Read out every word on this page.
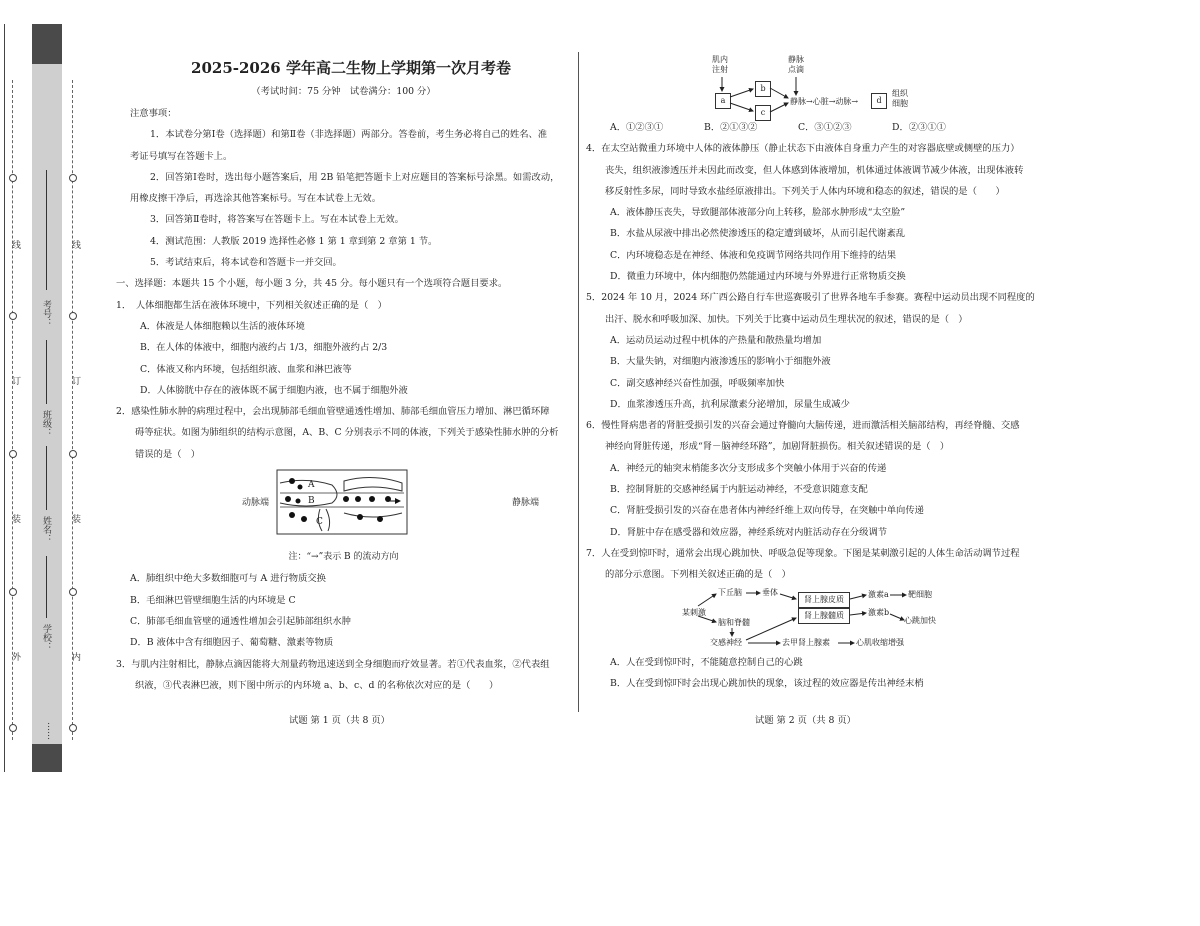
线
订
装
外
线
订
装
内
考号：
班级：
姓名：
学校：
……
2025-2026 学年高二生物上学期第一次月考卷
（考试时间：75 分钟　试卷满分：100 分）

注意事项：

1．本试卷分第Ⅰ卷（选择题）和第Ⅱ卷（非选择题）两部分。答卷前，考生务必将自己的姓名、准

考证号填写在答题卡上。

2．回答第Ⅰ卷时，选出每小题答案后，用 2B 铅笔把答题卡上对应题目的答案标号涂黑。如需改动，

用橡皮擦干净后，再选涂其他答案标号。写在本试卷上无效。

3．回答第Ⅱ卷时，将答案写在答题卡上。写在本试卷上无效。

4．测试范围：人教版 2019 选择性必修 1 第 1 章到第 2 章第 1 节。

5．考试结束后，将本试卷和答题卡一并交回。

一、选择题：本题共 15 个小题，每小题 3 分，共 45 分。每小题只有一个选项符合题目要求。

1．　人体细胞都生活在液体环境中，下列相关叙述正确的是（　）

A．体液是人体细胞赖以生活的液体环境

B．在人体的体液中，细胞内液约占 1/3，细胞外液约占 2/3

C．体液又称内环境，包括组织液、血浆和淋巴液等

D．人体膀胱中存在的液体既不属于细胞内液，也不属于细胞外液

2．感染性肺水肿的病理过程中，会出现肺部毛细血管壁通透性增加、肺部毛细血管压力增加、淋巴循环障

碍等症状。如图为肺组织的结构示意图，A、B、C 分别表示不同的体液，下列关于感染性肺水肿的分析

错误的是（　）

动脉端	静脉端
A
B
C

注：“→”表示 B 的流动方向

A．肺组织中绝大多数细胞可与 A 进行物质交换

B．毛细淋巴管壁细胞生活的内环境是 C

C．肺部毛细血管壁的通透性增加会引起肺部组织水肿

D．B 液体中含有细胞因子、葡萄糖、激素等物质

3．与肌内注射相比，静脉点滴因能将大剂量药物迅速送到全身细胞而疗效显著。若①代表血浆，②代表组

织液，③代表淋巴液，则下图中所示的内环境 a、b、c、d 的名称依次对应的是（　　）

试题 第 1 页（共 8 页）
肌内
注射
静脉
点滴
a
b
c
静脉→心脏→动脉→	d
组织
细胞
A．①②③①	B．②①③②	C．③①②③	D．②③①①

4．在太空站微重力环境中人体的液体静压（静止状态下由液体自身重力产生的对容器底壁或侧壁的压力）

丧失，组织液渗透压并未因此而改变，但人体感到体液增加，机体通过体液调节减少体液，出现体液转

移反射性多尿，同时导致水盐经原液排出。下列关于人体内环境和稳态的叙述，错误的是（　　）

A．液体静压丧失，导致腿部体液部分向上转移，脸部水肿形成“太空脸”

B．水盐从尿液中排出必然使渗透压的稳定遭到破坏，从而引起代谢紊乱

C．内环境稳态是在神经、体液和免疫调节网络共同作用下维持的结果

D．微重力环境中，体内细胞仍然能通过内环境与外界进行正常物质交换

5．2024 年 10 月，2024 环广西公路自行车世巡赛吸引了世界各地车手参赛。赛程中运动员出现不同程度的

出汗、脱水和呼吸加深、加快。下列关于比赛中运动员生理状况的叙述，错误的是（　）

A．运动员运动过程中机体的产热量和散热量均增加

B．大量失钠，对细胞内液渗透压的影响小于细胞外液

C．副交感神经兴奋性加强，呼吸频率加快

D．血浆渗透压升高，抗利尿激素分泌增加，尿量生成减少

6．慢性肾病患者的肾脏受损引发的兴奋会通过脊髓向大脑传递，进而激活相关脑部结构，再经脊髓、交感

神经向肾脏传递，形成“肾－脑神经环路”，加剧肾脏损伤。相关叙述错误的是（　）

A．神经元的轴突末梢能多次分支形成多个突触小体用于兴奋的传递

B．控制肾脏的交感神经属于内脏运动神经，不受意识随意支配

C．肾脏受损引发的兴奋在患者体内神经纤维上双向传导，在突触中单向传递

D．肾脏中存在感受器和效应器，神经系统对内脏活动存在分级调节

7．人在受到惊吓时，通常会出现心跳加快、呼吸急促等现象。下图是某刺激引起的人体生命活动调节过程

的部分示意图。下列相关叙述正确的是（　）

某刺激
下丘脑	垂体
脑和脊髓
交感神经
肾上腺皮质
肾上腺髓质
激素a
激素b
靶细胞
心跳加快
去甲肾上腺素	心肌收缩增强

A．人在受到惊吓时，不能随意控制自己的心跳

B．人在受到惊吓时会出现心跳加快的现象，该过程的效应器是传出神经末梢

试题 第 2 页（共 8 页）
